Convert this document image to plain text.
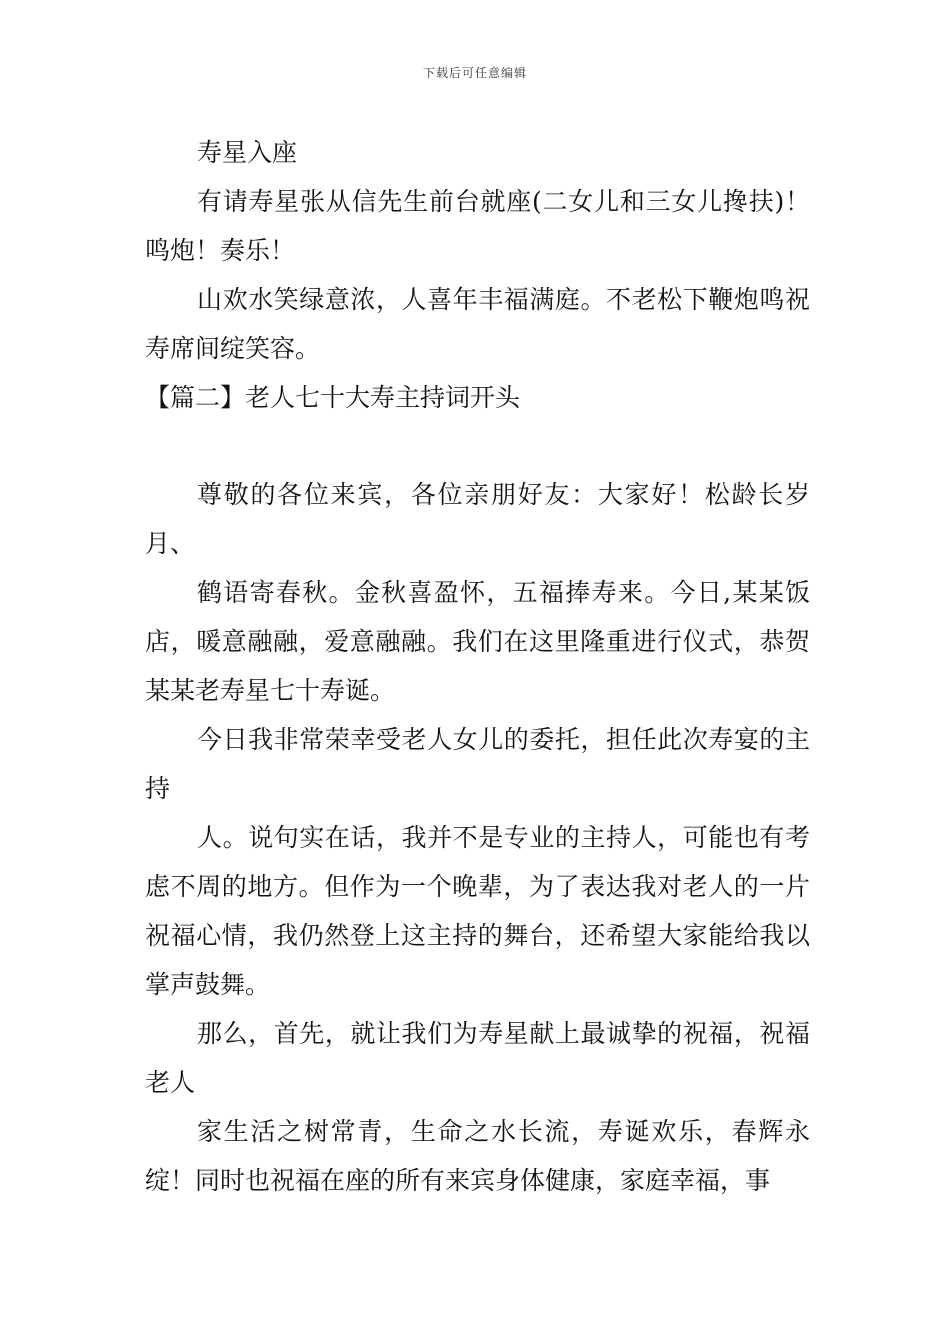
下载后可任意编辑

寿星入座

有请寿星张从信先生前台就座(二女儿和三女儿搀扶)！鸣炮！奏乐！

山欢水笑绿意浓，人喜年丰福满庭。不老松下鞭炮鸣祝寿席间绽笑容。

【篇二】老人七十大寿主持词开头

尊敬的各位来宾，各位亲朋好友：大家好！松龄长岁月、

鹤语寄春秋。金秋喜盈怀，五福捧寿来。今日,某某饭店，暖意融融，爱意融融。我们在这里隆重进行仪式，恭贺某某老寿星七十寿诞。

今日我非常荣幸受老人女儿的委托，担任此次寿宴的主持

人。说句实在话，我并不是专业的主持人，可能也有考虑不周的地方。但作为一个晚辈，为了表达我对老人的一片祝福心情，我仍然登上这主持的舞台，还希望大家能给我以掌声鼓舞。

那么，首先，就让我们为寿星献上最诚挚的祝福，祝福老人

家生活之树常青，生命之水长流，寿诞欢乐，春辉永绽！同时也祝福在座的所有来宾身体健康，家庭幸福，事
